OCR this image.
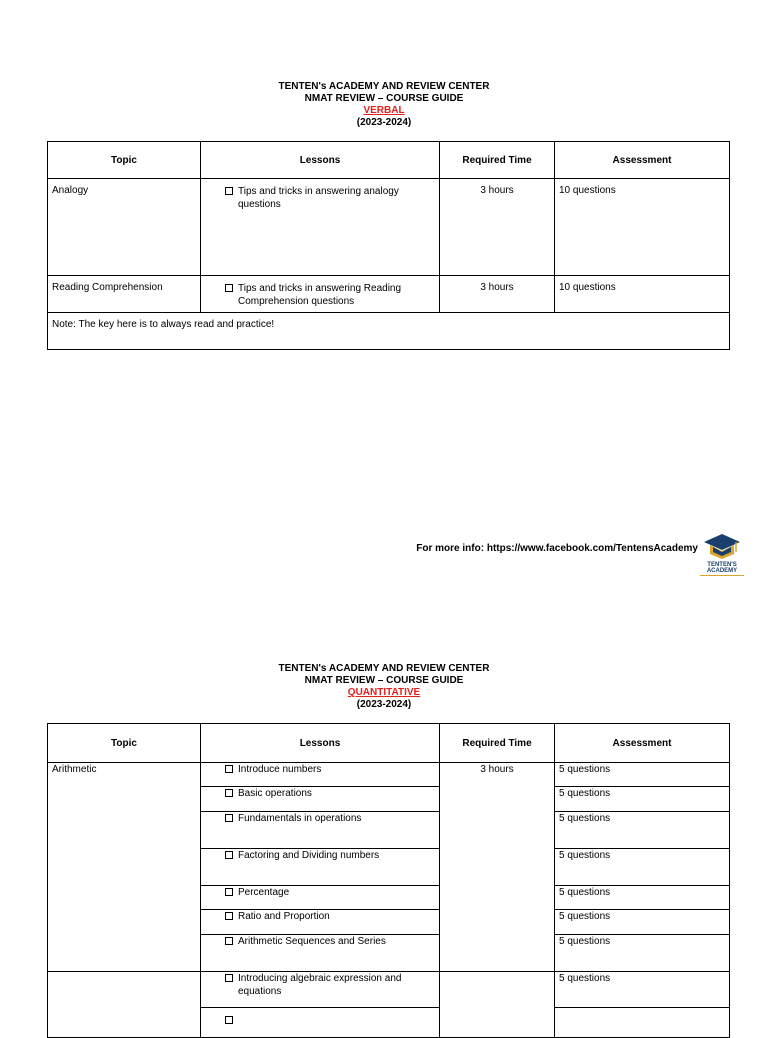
TENTEN's ACADEMY AND REVIEW CENTER
NMAT REVIEW – COURSE GUIDE
VERBAL
(2023-2024)
Topic	Lessons	Required Time	Assessment
Analogy	Tips and tricks in answering analogy questions	3 hours	10 questions
Reading Comprehension	Tips and tricks in answering Reading Comprehension questions	3 hours	10 questions
Note: The key here is to always read and practice!			
For more info: https://www.facebook.com/TentensAcademy
TENTEN'S
ACADEMY
TENTEN's ACADEMY AND REVIEW CENTER
NMAT REVIEW – COURSE GUIDE
QUANTITATIVE
(2023-2024)
Topic	Lessons	Required Time	Assessment
Arithmetic	Introduce numbers	3 hours	5 questions

	Basic operations		5 questions

	Fundamentals in operations		5 questions

	Factoring and Dividing numbers		5 questions

	Percentage		5 questions

	Ratio and Proportion		5 questions

	Arithmetic Sequences and Series		5 questions

	Introducing algebraic expression and equations		5 questions
